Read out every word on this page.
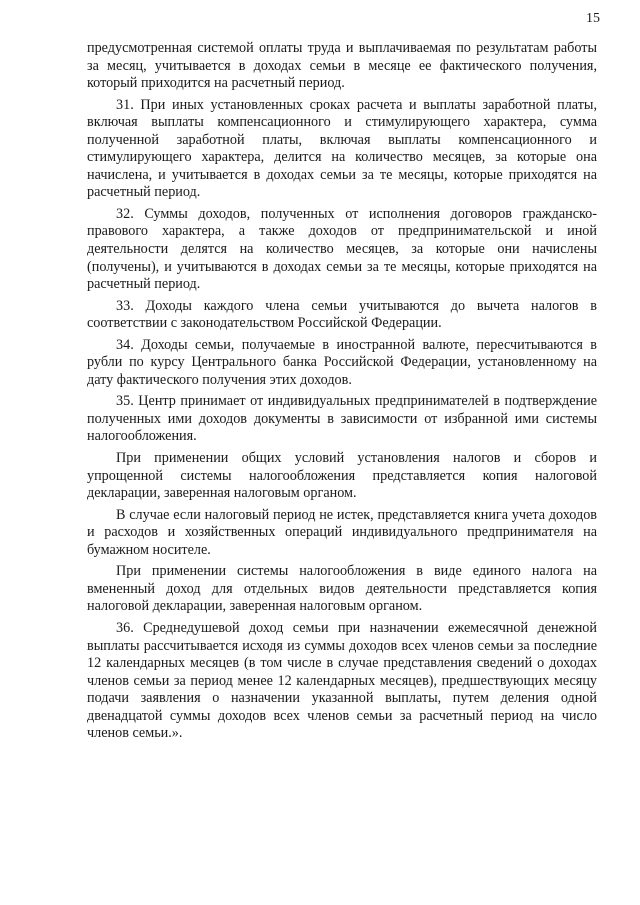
15

предусмотренная системой оплаты труда и выплачиваемая по результатам работы за месяц, учитывается в доходах семьи в месяце ее фактического получения, который приходится на расчетный период.

31. При иных установленных сроках расчета и выплаты заработной платы, включая выплаты компенсационного и стимулирующего характера, сумма полученной заработной платы, включая выплаты компенсационного и стимулирующего характера, делится на количество месяцев, за которые она начислена, и учитывается в доходах семьи за те месяцы, которые приходятся на расчетный период.

32. Суммы доходов, полученных от исполнения договоров гражданско-правового характера, а также доходов от предпринимательской и иной деятельности делятся на количество месяцев, за которые они начислены (получены), и учитываются в доходах семьи за те месяцы, которые приходятся на расчетный период.

33. Доходы каждого члена семьи учитываются до вычета налогов в соответствии с законодательством Российской Федерации.

34. Доходы семьи, получаемые в иностранной валюте, пересчитываются в рубли по курсу Центрального банка Российской Федерации, установленному на дату фактического получения этих доходов.

35. Центр принимает от индивидуальных предпринимателей в подтверждение полученных ими доходов документы в зависимости от избранной ими системы налогообложения.

При применении общих условий установления налогов и сборов и упрощенной системы налогообложения представляется копия налоговой декларации, заверенная налоговым органом.

В случае если налоговый период не истек, представляется книга учета доходов и расходов и хозяйственных операций индивидуального предпринимателя на бумажном носителе.

При применении системы налогообложения в виде единого налога на вмененный доход для отдельных видов деятельности представляется копия налоговой декларации, заверенная налоговым органом.

36. Среднедушевой доход семьи при назначении ежемесячной денежной выплаты рассчитывается исходя из суммы доходов всех членов семьи за последние 12 календарных месяцев (в том числе в случае представления сведений о доходах членов семьи за период менее 12 календарных месяцев), предшествующих месяцу подачи заявления о назначении указанной выплаты, путем деления одной двенадцатой суммы доходов всех членов семьи за расчетный период на число членов семьи.».
